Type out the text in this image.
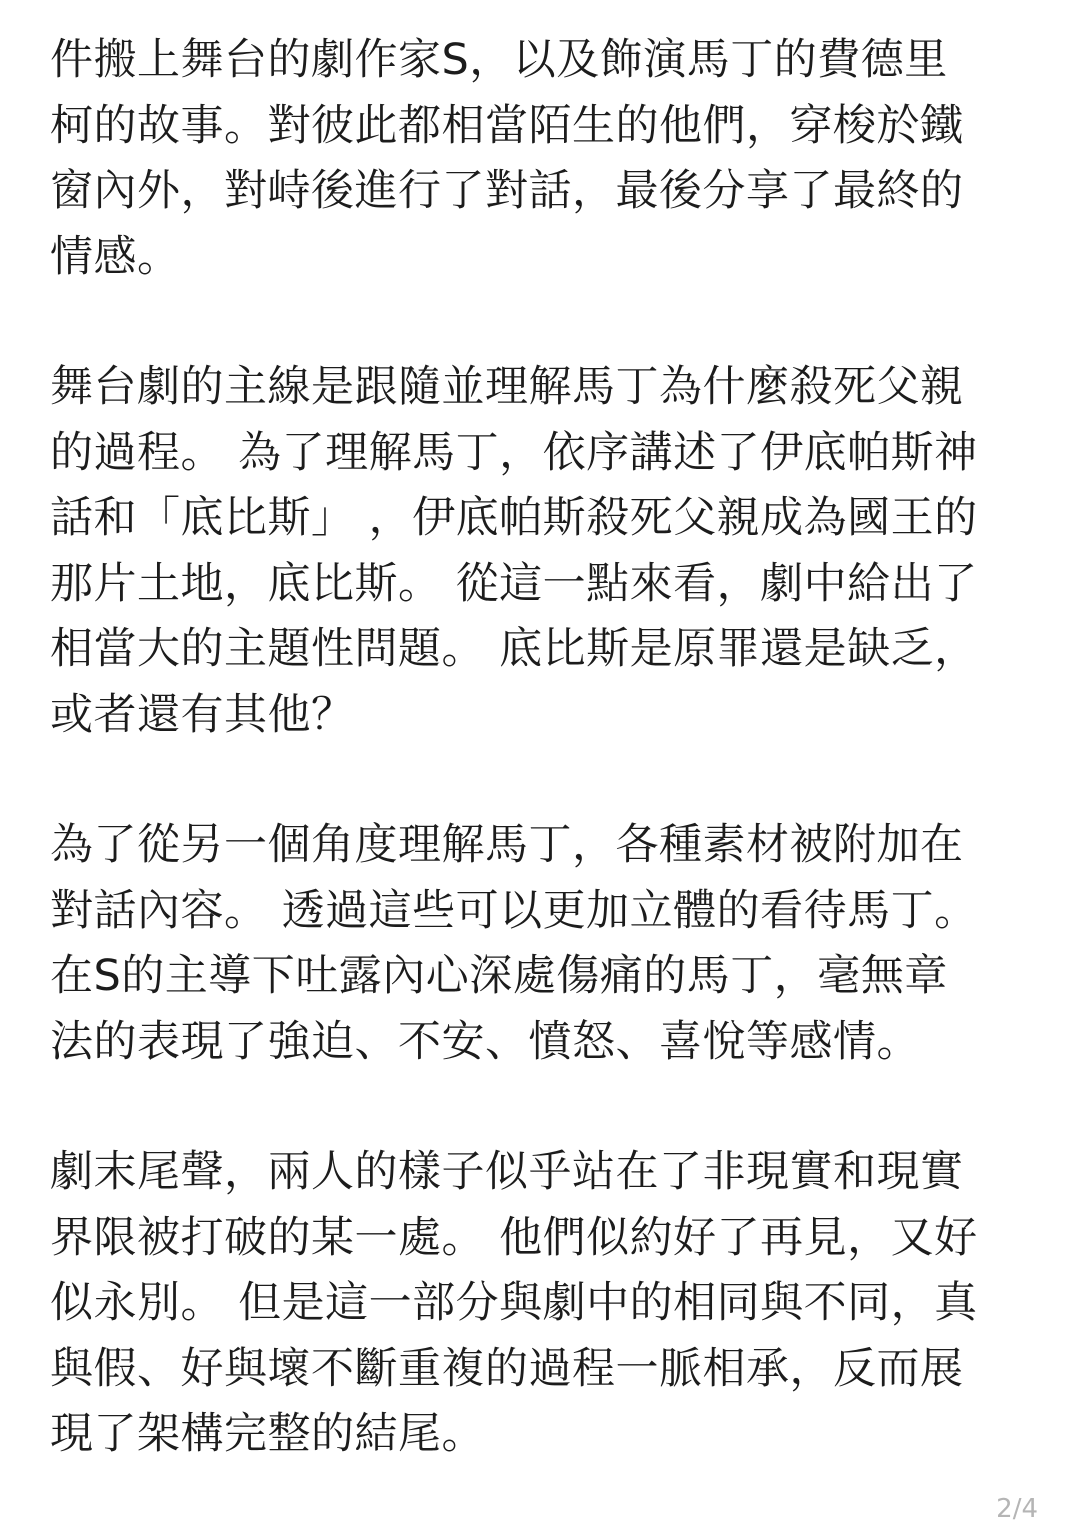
件搬上舞台的劇作家S，以及飾演馬丁的費德里
柯的故事。對彼此都相當陌生的他們，穿梭於鐵
窗內外，對峙後進行了對話，最後分享了最終的
情感。

舞台劇的主線是跟隨並理解馬丁為什麼殺死父親
的過程。 為了理解馬丁，依序講述了伊底帕斯神
話和「底比斯」 ，伊底帕斯殺死父親成為國王的
那片土地，底比斯。 從這一點來看，劇中給出了
相當大的主題性問題。 底比斯是原罪還是缺乏，
或者還有其他？

為了從另一個角度理解馬丁，各種素材被附加在
對話內容。 透過這些可以更加立體的看待馬丁。
在S的主導下吐露內心深處傷痛的馬丁，毫無章
法的表現了強迫、不安、憤怒、喜悅等感情。

劇末尾聲，兩人的樣子似乎站在了非現實和現實
界限被打破的某一處。 他們似約好了再見，又好
似永別。 但是這一部分與劇中的相同與不同，真
與假、好與壞不斷重複的過程一脈相承，反而展
現了架構完整的結尾。

2/4
